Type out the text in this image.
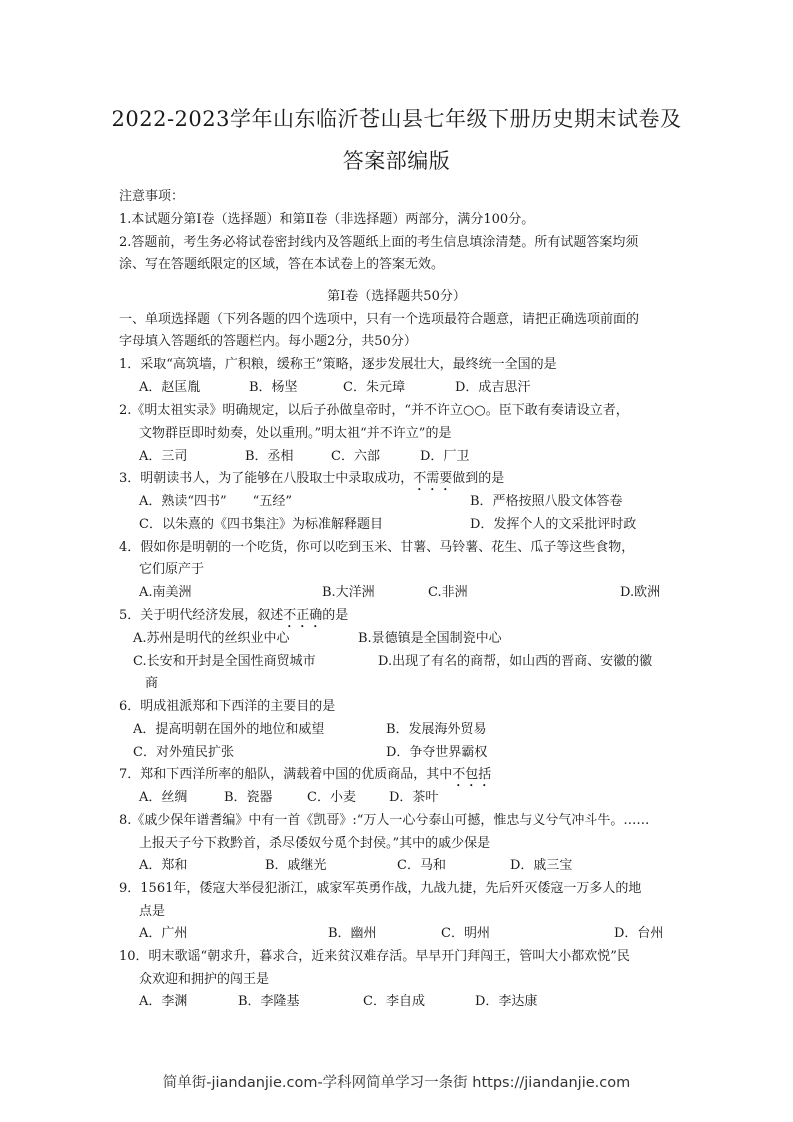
2022-2023学年山东临沂苍山县七年级下册历史期末试卷及
答案部编版
注意事项：
1.本试题分第Ⅰ卷（选择题）和第Ⅱ卷（非选择题）两部分，满分100分。
2.答题前，考生务必将试卷密封线内及答题纸上面的考生信息填涂清楚。所有试题答案均须
涂、写在答题纸限定的区域，答在本试卷上的答案无效。
第Ⅰ卷（选择题共50分）
一、单项选择题（下列各题的四个选项中，只有一个选项最符合题意，请把正确选项前面的
字母填入答题纸的答题栏内。每小题2分，共50分）
1．采取“高筑墙，广积粮，缓称王”策略，逐步发展壮大，最终统一全国的是
A．赵匡胤	B．杨坚	C．朱元璋	D．成吉思汗
2.《明太祖实录》明确规定，以后子孙做皇帝时，“并不许立○○。臣下敢有奏请设立者，
文物群臣即时劾奏，处以重刑。”明太祖“并不许立”的是
A．三司	B．丞相	C．六部	D．厂卫
3．明朝读书人，为了能够在八股取士中录取成功，不需要做到的是
A．熟读“四书”　　“五经”	B．严格按照八股文体答卷
C．以朱熹的《四书集注》为标准解释题目	D．发挥个人的文采批评时政
4．假如你是明朝的一个吃货，你可以吃到玉米、甘薯、马铃薯、花生、瓜子等这些食物，
它们原产于
A.南美洲	B.大洋洲	C.非洲	D.欧洲
5．关于明代经济发展，叙述不正确的是
A.苏州是明代的丝织业中心	B.景德镇是全国制瓷中心
C.长安和开封是全国性商贸城市	D.出现了有名的商帮，如山西的晋商、安徽的徽
商
6．明成祖派郑和下西洋的主要目的是
A．提高明朝在国外的地位和威望	B．发展海外贸易
C．对外殖民扩张	D．争夺世界霸权
7．郑和下西洋所率的船队，满载着中国的优质商品，其中不包括
A．丝绸	B．瓷器	C．小麦	D．茶叶
8.《戚少保年谱耆编》中有一首《凯哥》:“万人一心兮泰山可撼，惟忠与义兮气冲斗牛。……
上报天子兮下救黔首，杀尽倭奴兮觅个封侯。”其中的戚少保是
A．郑和	B．戚继光	C．马和	D．戚三宝
9．1561年，倭寇大举侵犯浙江，戚家军英勇作战，九战九捷，先后歼灭倭寇一万多人的地
点是
A．广州	B．幽州	C．明州	D．台州
10．明末歌谣“朝求升，暮求合，近来贫汉难存活。早早开门拜闯王，管叫大小都欢悦”民
众欢迎和拥护的闯王是
A．李渊	B．李隆基	C．李自成	D．李达康
简单街-jiandanjie.com-学科网简单学习一条街 https://jiandanjie.com
